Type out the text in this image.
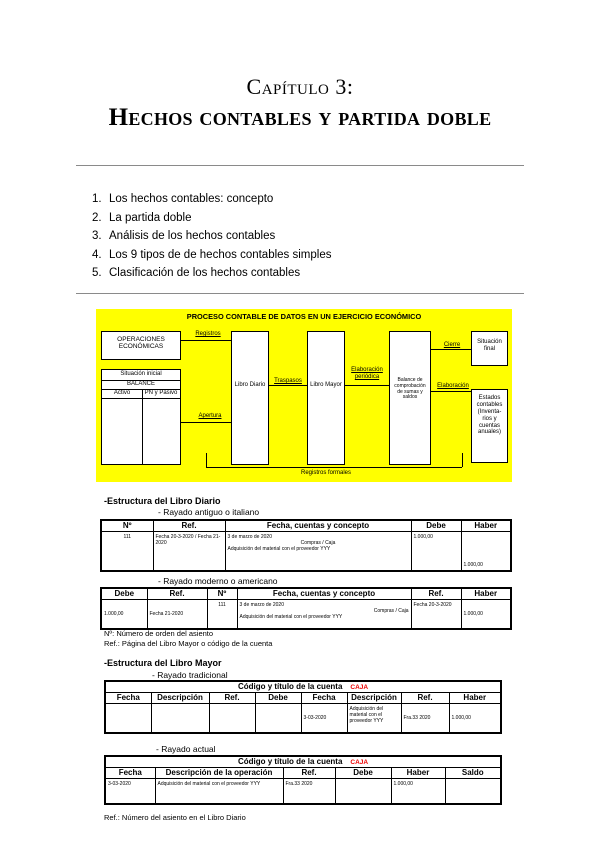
Capítulo 3:
Hechos contables y partida doble
1. Los hechos contables: concepto
2. La partida doble
3. Análisis de los hechos contables
4. Los 9 tipos de de hechos contables simples
5. Clasificación de los hechos contables
PROCESO CONTABLE DE DATOS EN UN EJERCICIO ECONÓMICO
OPERACIONES ECONÓMICAS
Situación inicial
BALANCE
Activo	PN y Pasivo
Registros
Apertura
Libro Diario
Traspasos
Libro Mayor
Elaboración periódica
Balance de comprobación de sumas y saldos
Cierre
Elaboración
Situación final
Estados contables (Inventa-rios y cuentas anuales)
Registros formales
-Estructura del Libro Diario
- Rayado antiguo o italiano
Nº	Ref.	Fecha, cuentas y concepto	Debe	Haber
111	Fecha 20-3-2020 / Fecha 21-2020	3 de marzo de 2020
Compras / Caja
Adquisición del material con el proveedor YYY	1.000,00	1.000,00
- Rayado moderno o americano
Debe	Ref.	Nº	Fecha, cuentas y concepto	Ref.	Haber
1.000,00	Fecha 21-2020	111	3 de marzo de 2020
Compras / Caja
Adquisición del material con el proveedor YYY	Fecha 20-3-2020	1.000,00
Nº: Número de orden del asiento
Ref.: Página del Libro Mayor o código de la cuenta
-Estructura del Libro Mayor
- Rayado tradicional
Código y título de la cuenta CAJA							
Fecha	Descripción	Ref.	Debe	Fecha	Descripción	Ref.	Haber
				3-03-2020	Adquisición del material con el proveedor YYY	Fra.33 2020	1.000,00
- Rayado actual
Código y título de la cuenta CAJA					
Fecha	Descripción de la operación	Ref.	Debe	Haber	Saldo
3-03-2020	Adquisición del material con el proveedor YYY	Fra.33 2020		1.000,00	
Ref.: Número del asiento en el Libro Diario
